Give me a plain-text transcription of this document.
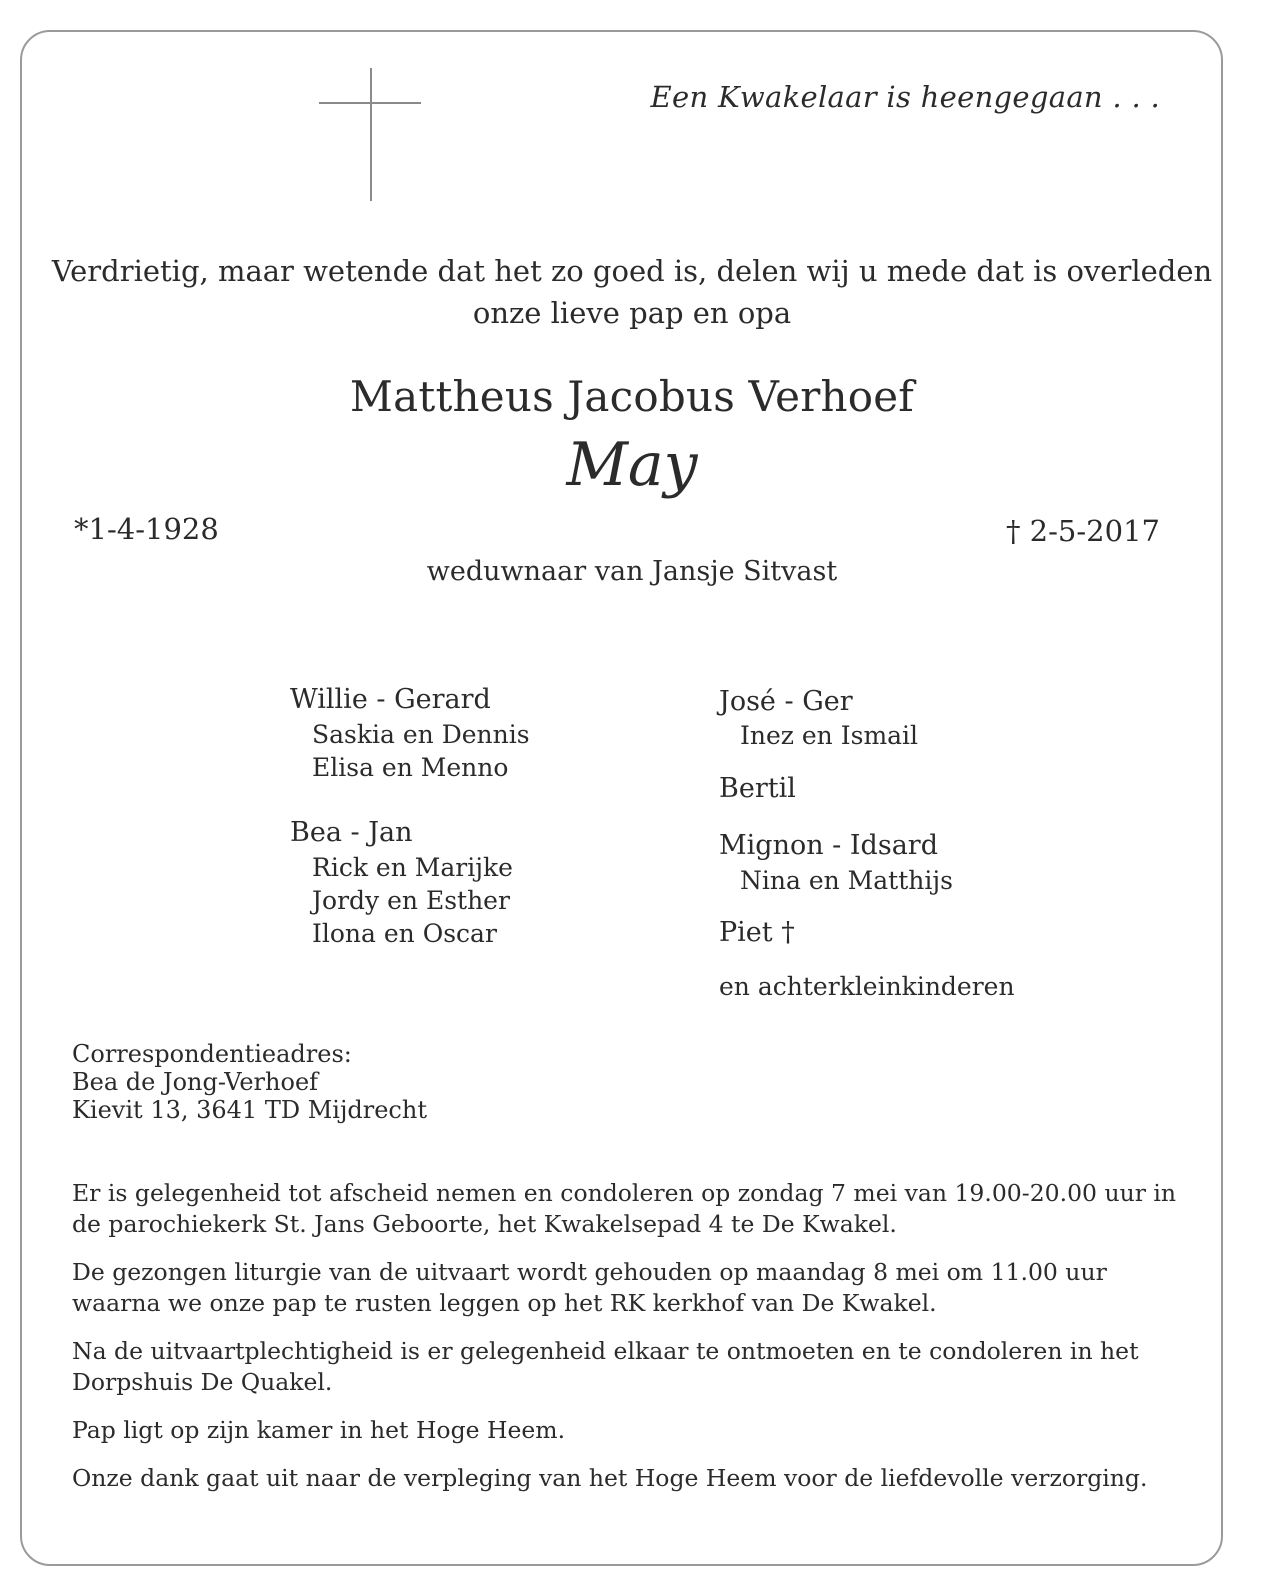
Een Kwakelaar is heengegaan . . .
Verdrietig, maar wetende dat het zo goed is, delen wij u mede dat is overleden
onze lieve pap en opa
Mattheus Jacobus Verhoef
May
*1-4-1928	† 2-5-2017
weduwnaar van Jansje Sitvast
Willie - Gerard
Saskia en Dennis
Elisa en Menno
Bea - Jan
Rick en Marijke
Jordy en Esther
Ilona en Oscar
José - Ger
Inez en Ismail
Bertil
Mignon - Idsard
Nina en Matthijs
Piet †
en achterkleinkinderen
Correspondentieadres:
Bea de Jong-Verhoef
Kievit 13, 3641 TD Mijdrecht
Er is gelegenheid tot afscheid nemen en condoleren op zondag 7 mei van 19.00-20.00 uur in de parochiekerk St. Jans Geboorte, het Kwakelsepad 4 te De Kwakel.
De gezongen liturgie van de uitvaart wordt gehouden op maandag 8 mei om 11.00 uur waarna we onze pap te rusten leggen op het RK kerkhof van De Kwakel.
Na de uitvaartplechtigheid is er gelegenheid elkaar te ontmoeten en te condoleren in het Dorpshuis De Quakel.
Pap ligt op zijn kamer in het Hoge Heem.
Onze dank gaat uit naar de verpleging van het Hoge Heem voor de liefdevolle verzorging.
